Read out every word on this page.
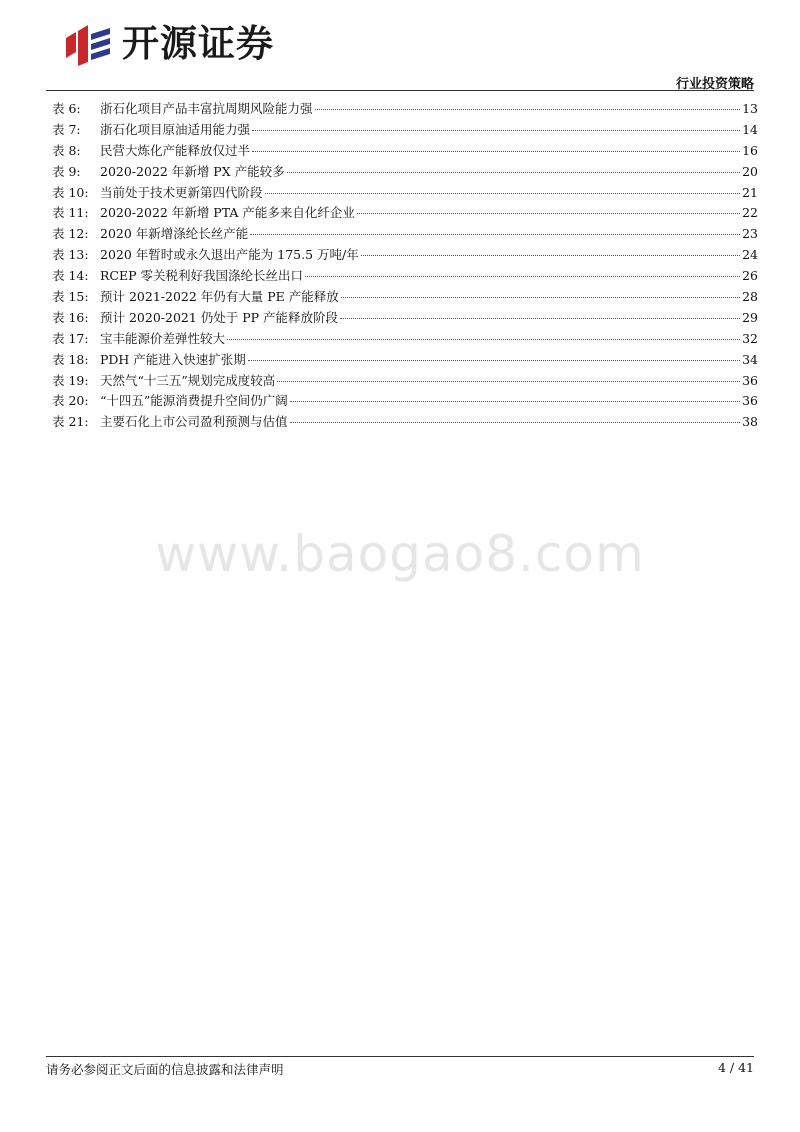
开源证券
行业投资策略
表 6:	浙石化项目产品丰富抗周期风险能力强	13
表 7:	浙石化项目原油适用能力强	14
表 8:	民营大炼化产能释放仅过半	16
表 9:	2020-2022 年新增 PX 产能较多	20
表 10: 当前处于技术更新第四代阶段	21
表 11: 2020-2022 年新增 PTA 产能多来自化纤企业	22
表 12: 2020 年新增涤纶长丝产能	23
表 13: 2020 年暂时或永久退出产能为 175.5 万吨/年	24
表 14: RCEP 零关税利好我国涤纶长丝出口	26
表 15: 预计 2021-2022 年仍有大量 PE 产能释放	28
表 16: 预计 2020-2021 仍处于 PP 产能释放阶段	29
表 17: 宝丰能源价差弹性较大	32
表 18: PDH 产能进入快速扩张期	34
表 19: 天然气“十三五”规划完成度较高	36
表 20: “十四五”能源消费提升空间仍广阔	36
表 21: 主要石化上市公司盈利预测与估值	38
www.baogao8.com
请务必参阅正文后面的信息披露和法律声明	4 / 41
